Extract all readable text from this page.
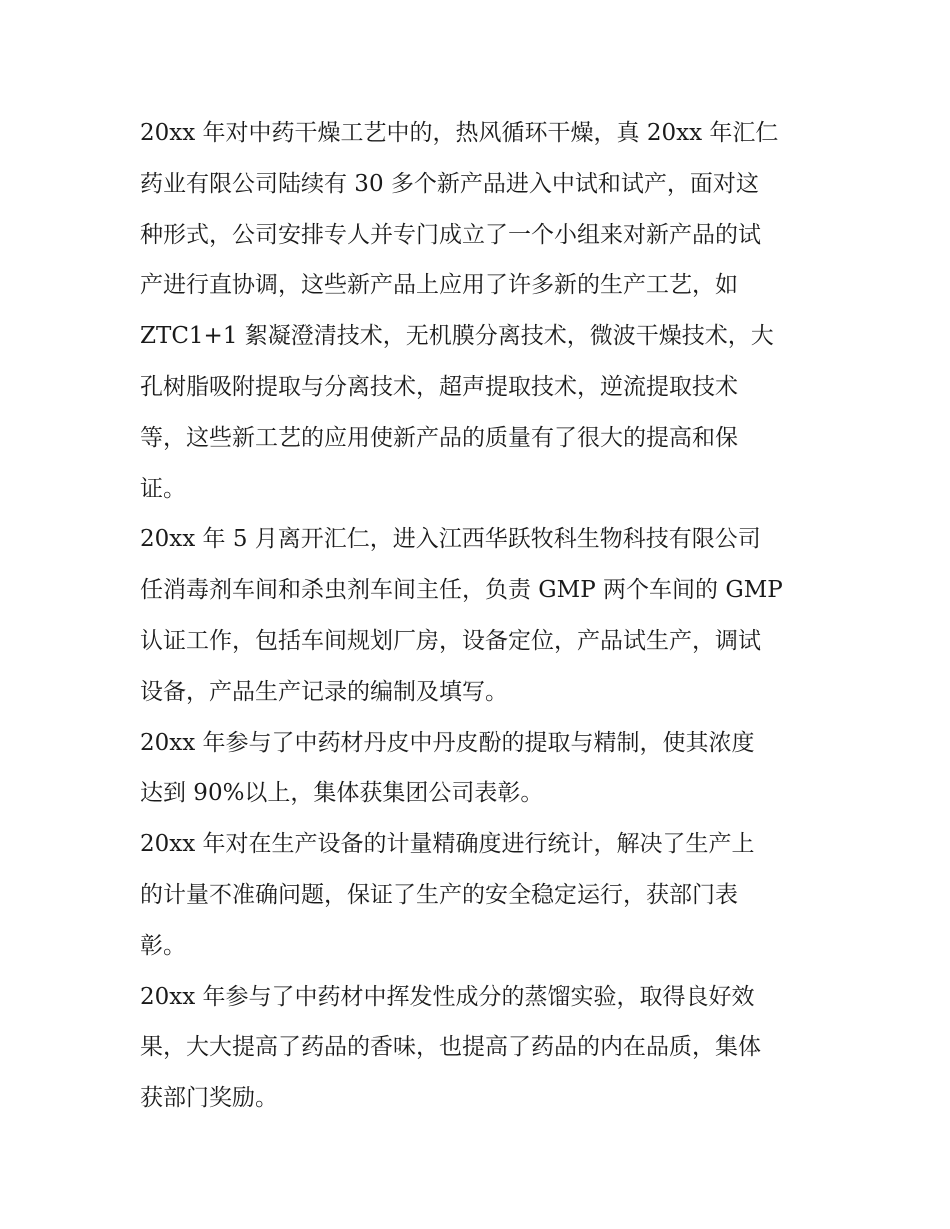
20xx 年对中药干燥工艺中的，热风循环干燥，真 20xx 年汇仁
药业有限公司陆续有 30 多个新产品进入中试和试产，面对这
种形式，公司安排专人并专门成立了一个小组来对新产品的试
产进行直协调，这些新产品上应用了许多新的生产工艺，如
ZTC1+1 絮凝澄清技术，无机膜分离技术，微波干燥技术，大
孔树脂吸附提取与分离技术，超声提取技术，逆流提取技术
等，这些新工艺的应用使新产品的质量有了很大的提高和保
证。

20xx 年 5 月离开汇仁，进入江西华跃牧科生物科技有限公司
任消毒剂车间和杀虫剂车间主任，负责 GMP 两个车间的 GMP
认证工作，包括车间规划厂房，设备定位，产品试生产，调试
设备，产品生产记录的编制及填写。

20xx 年参与了中药材丹皮中丹皮酚的提取与精制，使其浓度
达到 90%以上，集体获集团公司表彰。

20xx 年对在生产设备的计量精确度进行统计，解决了生产上
的计量不准确问题，保证了生产的安全稳定运行，获部门表
彰。

20xx 年参与了中药材中挥发性成分的蒸馏实验，取得良好效
果，大大提高了药品的香味，也提高了药品的内在品质，集体
获部门奖励。
